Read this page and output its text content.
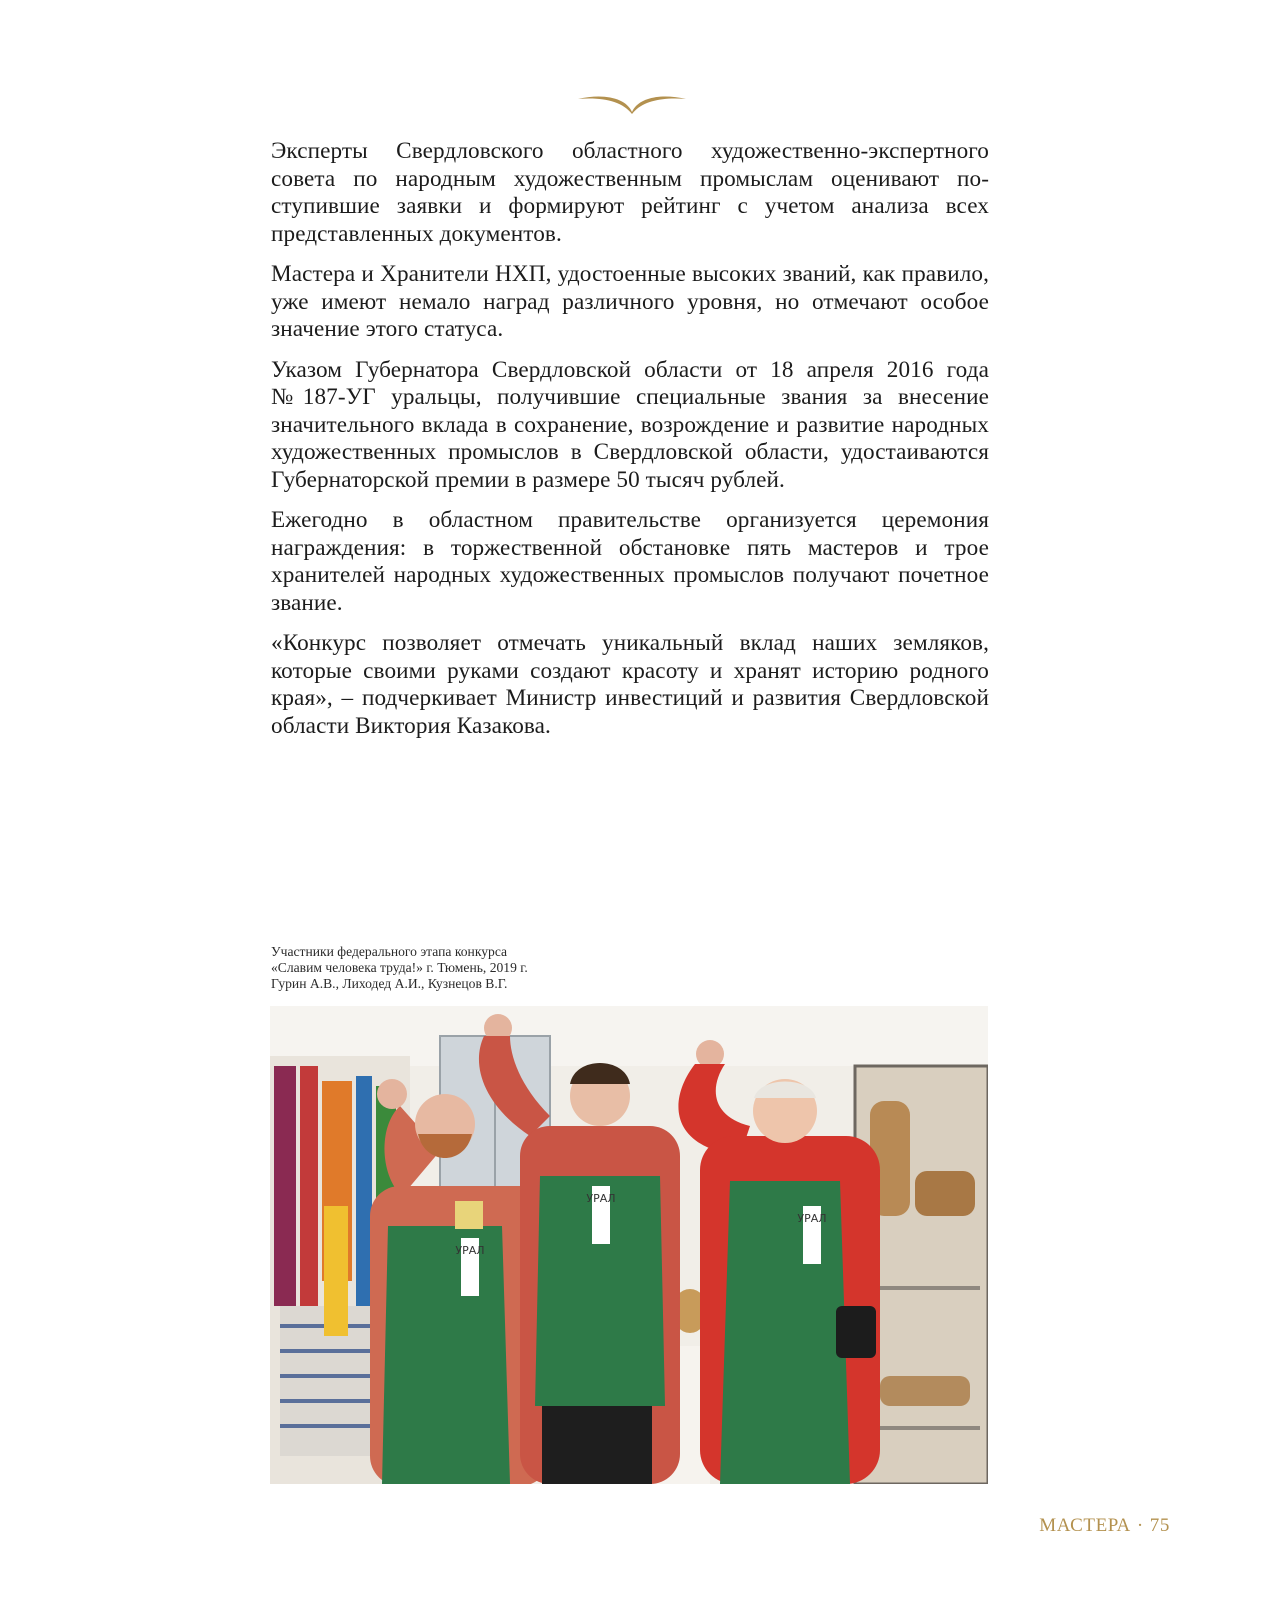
Эксперты Свердловского областного художественно-экспертного совета по народным художественным промыслам оценивают поступившие заявки и формируют рейтинг с учетом анализа всех представленных документов.

Мастера и Хранители НХП, удостоенные высоких званий, как правило, уже имеют немало наград различного уровня, но отмечают особое значение этого статуса.

Указом Губернатора Свердловской области от 18 апреля 2016 года №187-УГ уральцы, получившие специальные звания за внесение значительного вклада в сохранение, возрождение и развитие народных художественных промыслов в Свердловской области, удостаиваются Губернаторской премии в размере 50 тысяч рублей.

Ежегодно в областном правительстве организуется церемония награждения: в торжественной обстановке пять мастеров и трое хранителей народных художественных промыслов получают почетное звание.

«Конкурс позволяет отмечать уникальный вклад наших земляков, которые своими руками создают красоту и хранят историю родного края», – подчеркивает Министр инвестиций и развития Свердловской области Виктория Казакова.

Участники федерального этапа конкурса
«Славим человека труда!» г. Тюмень, 2019 г.
Гурин А.В., Лиходед А.И., Кузнецов В.Г.
УРАЛ
УРАЛ
УРАЛ
МАСТЕРА · 75
